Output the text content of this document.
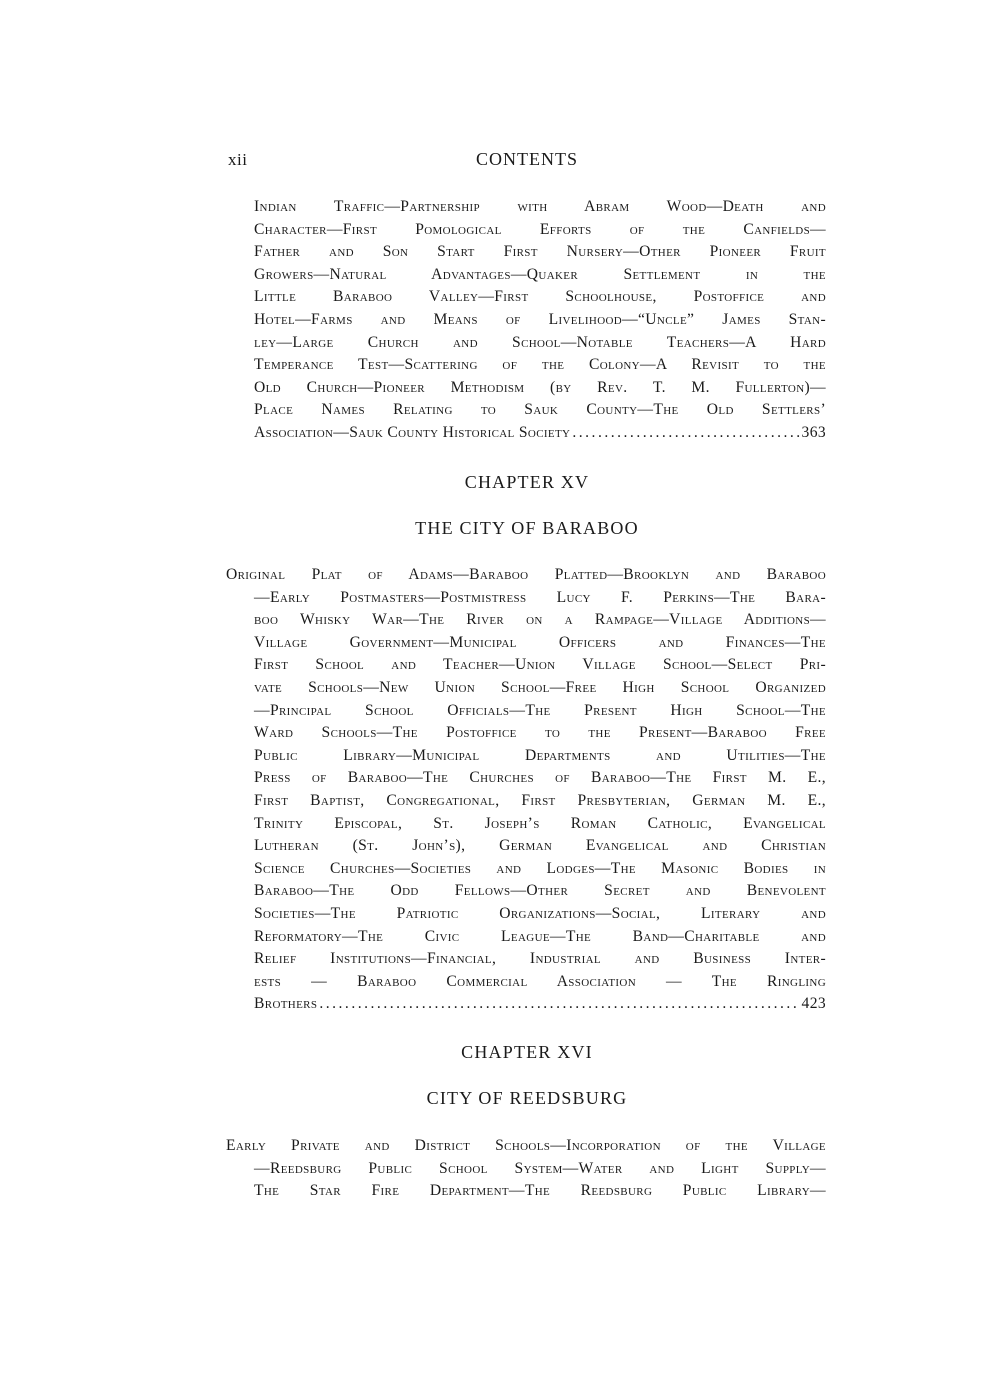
xii	CONTENTS
Indian Traffic—Partnership with Abram Wood—Death and
Character—First Pomological Efforts of the Canfields—
Father and Son Start First Nursery—Other Pioneer Fruit
Growers—Natural Advantages—Quaker Settlement in the
Little Baraboo Valley—First Schoolhouse, Postoffice and
Hotel—Farms and Means of Livelihood—“Uncle” James Stan-
ley—Large Church and School—Notable Teachers—A Hard
Temperance Test—Scattering of the Colony—A Revisit to the
Old Church—Pioneer Methodism (by Rev. T. M. Fullerton)—
Place Names Relating to Sauk County—The Old Settlers’
Association—Sauk County Historical Society .....	363
CHAPTER XV
THE CITY OF BARABOO
Original Plat of Adams—Baraboo Platted—Brooklyn and Baraboo
—Early Postmasters—Postmistress Lucy F. Perkins—The Bara-
boo Whisky War—The River on a Rampage—Village Additions—
Village Government—Municipal Officers and Finances—The
First School and Teacher—Union Village School—Select Pri-
vate Schools—New Union School—Free High School Organized
—Principal School Officials—The Present High School—The
Ward Schools—The Postoffice to the Present—Baraboo Free
Public Library—Municipal Departments and Utilities—The
Press of Baraboo—The Churches of Baraboo—The First M. E.,
First Baptist, Congregational, First Presbyterian, German M. E.,
Trinity Episcopal, St. Joseph’s Roman Catholic, Evangelical
Lutheran (St. John’s), German Evangelical and Christian
Science Churches—Societies and Lodges—The Masonic Bodies in
Baraboo—The Odd Fellows—Other Secret and Benevolent
Societies—The Patriotic Organizations—Social, Literary and
Reformatory—The Civic League—The Band—Charitable and
Relief Institutions—Financial, Industrial and Business Inter-
ests — Baraboo Commercial Association — The Ringling
Brothers .....	423
CHAPTER XVI
CITY OF REEDSBURG
Early Private and District Schools—Incorporation of the Village
—Reedsburg Public School System—Water and Light Supply—
The Star Fire Department—The Reedsburg Public Library—
